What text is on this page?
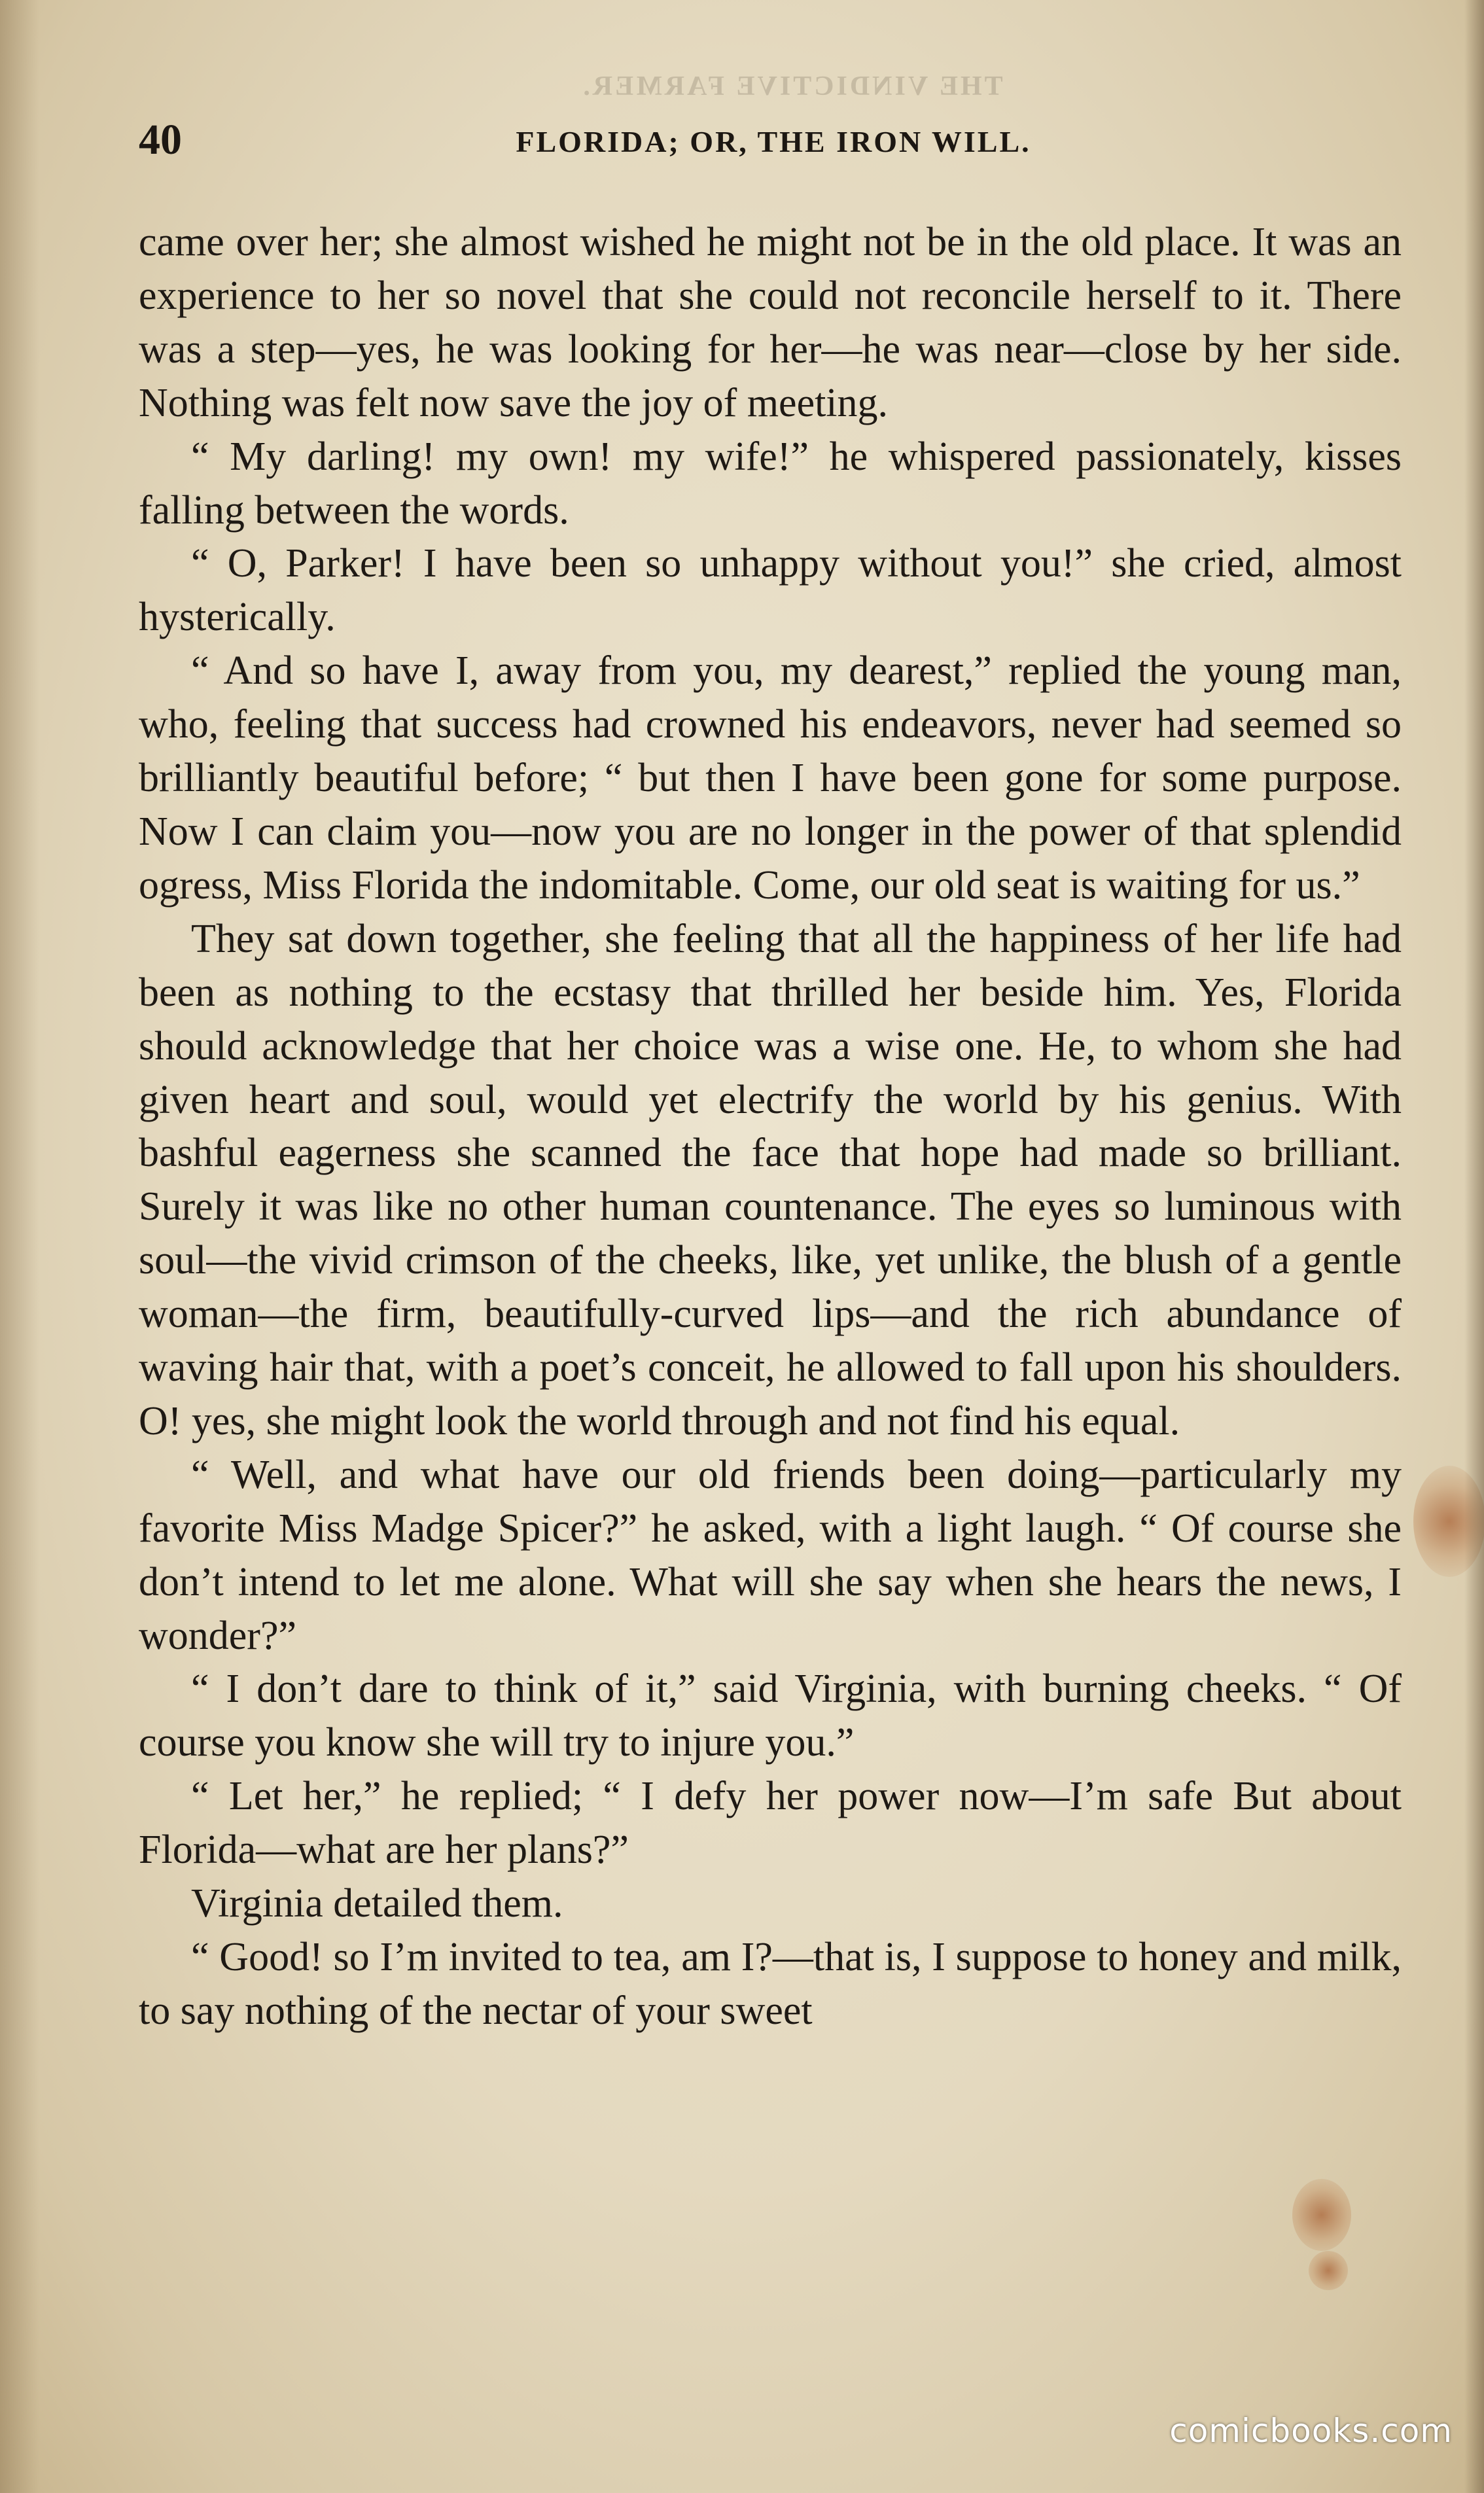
THE VINDICTIVE FARMER.
40	FLORIDA; OR, THE IRON WILL.

came over her; she almost wished he might not be in the old place. It was an experience to her so novel that she could not reconcile herself to it. There was a step—yes, he was looking for her—he was near—close by her side. Nothing was felt now save the joy of meeting.

“ My darling! my own! my wife!” he whispered passionately, kisses falling between the words.

“ O, Parker! I have been so unhappy without you!” she cried, almost hysterically.

“ And so have I, away from you, my dearest,” replied the young man, who, feeling that success had crowned his endeavors, never had seemed so brilliantly beautiful before; “ but then I have been gone for some purpose. Now I can claim you—now you are no longer in the power of that splendid ogress, Miss Florida the indomitable. Come, our old seat is waiting for us.”

They sat down together, she feeling that all the happiness of her life had been as nothing to the ecstasy that thrilled her beside him. Yes, Florida should acknowledge that her choice was a wise one. He, to whom she had given heart and soul, would yet electrify the world by his genius. With bashful eagerness she scanned the face that hope had made so brilliant. Surely it was like no other human countenance. The eyes so luminous with soul—the vivid crimson of the cheeks, like, yet unlike, the blush of a gentle woman—the firm, beautifully-curved lips—and the rich abundance of waving hair that, with a poet’s conceit, he allowed to fall upon his shoulders. O! yes, she might look the world through and not find his equal.

“ Well, and what have our old friends been doing—particularly my favorite Miss Madge Spicer?” he asked, with a light laugh. “ Of course she don’t intend to let me alone. What will she say when she hears the news, I wonder?”

“ I don’t dare to think of it,” said Virginia, with burning cheeks. “ Of course you know she will try to injure you.”

“ Let her,” he replied; “ I defy her power now—I’m safe But about Florida—what are her plans?”

Virginia detailed them.

“ Good! so I’m invited to tea, am I?—that is, I suppose to honey and milk, to say nothing of the nectar of your sweet

comicbooks.com
